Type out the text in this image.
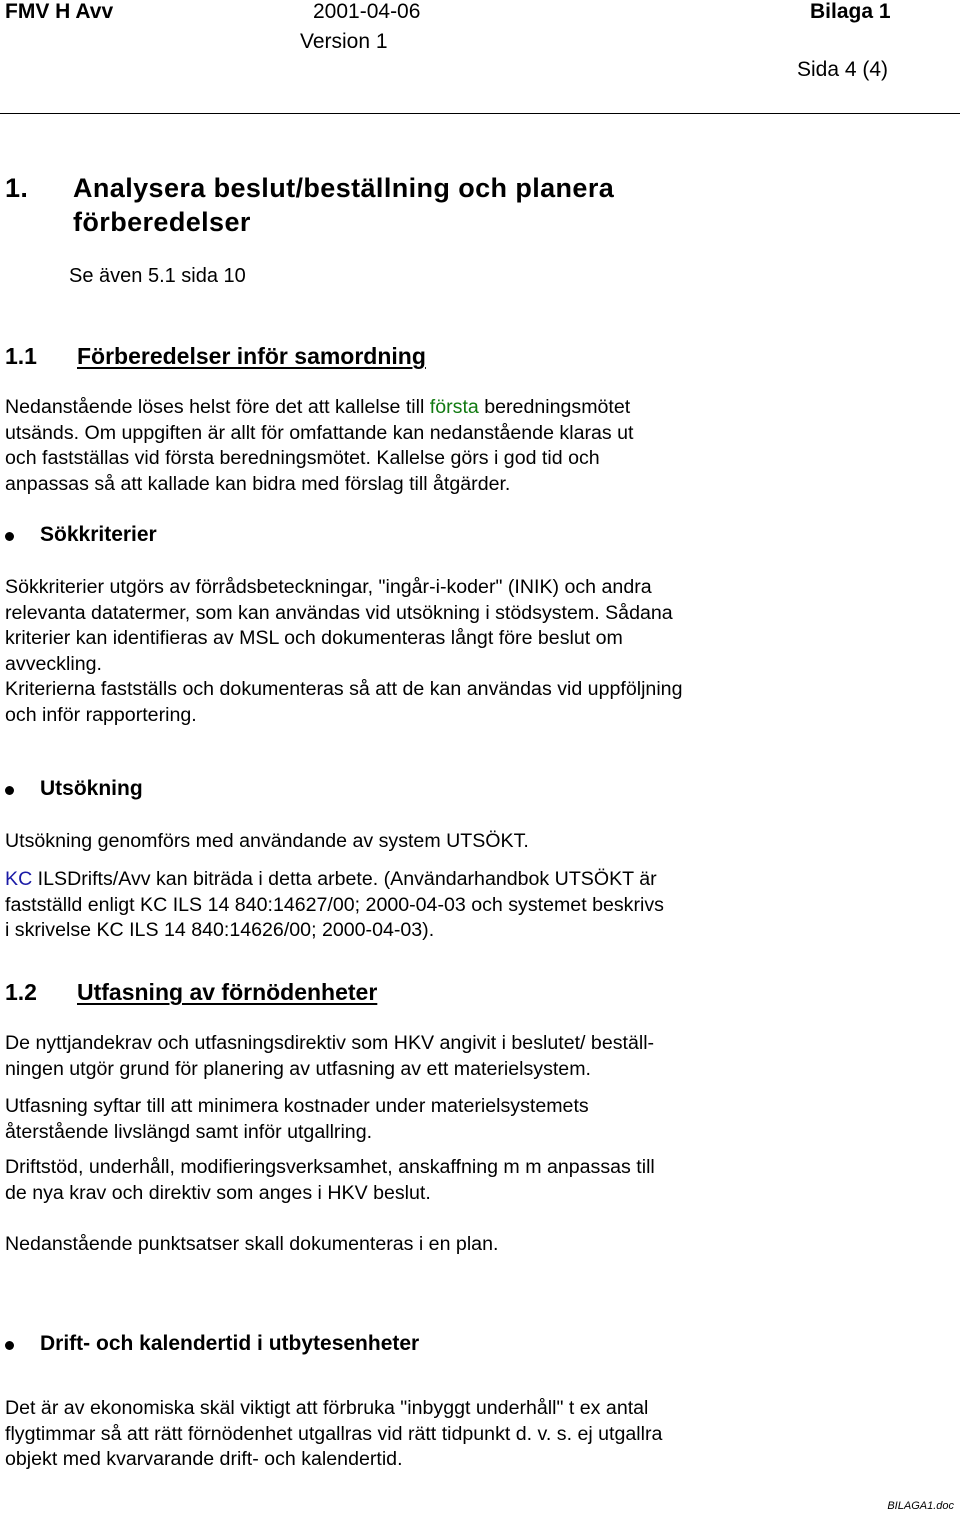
FMV H Avv	2001-04-06	Bilaga 1
Version 1
Sida 4 (4)
1. Analysera beslut/beställning och planera
förberedelser
Se även 5.1 sida 10
1.1 Förberedelser inför samordning
Nedanstående löses helst före det att kallelse till första beredningsmötet
utsänds. Om uppgiften är allt för omfattande kan nedanstående klaras ut
och fastställas vid första beredningsmötet. Kallelse görs i god tid och
anpassas så att kallade kan bidra med förslag till åtgärder.
Sökkriterier
Sökkriterier utgörs av förrådsbeteckningar, "ingår-i-koder" (INIK) och andra
relevanta datatermer, som kan användas vid utsökning i stödsystem. Sådana
kriterier kan identifieras av MSL och dokumenteras långt före beslut om
avveckling.
Kriterierna fastställs och dokumenteras så att de kan användas vid uppföljning
och inför rapportering.
Utsökning
Utsökning genomförs med användande av system UTSÖKT.
KC ILSDrifts/Avv kan biträda i detta arbete. (Användarhandbok UTSÖKT är
fastställd enligt KC ILS 14 840:14627/00; 2000-04-03 och systemet beskrivs
i skrivelse KC ILS 14 840:14626/00; 2000-04-03).
1.2 Utfasning av förnödenheter
De nyttjandekrav och utfasningsdirektiv som HKV angivit i beslutet/ beställ-
ningen utgör grund för planering av utfasning av ett materielsystem.
Utfasning syftar till att minimera kostnader under materielsystemets
återstående livslängd samt inför utgallring.
Driftstöd, underhåll, modifieringsverksamhet, anskaffning m m anpassas till
de nya krav och direktiv som anges i HKV beslut.
Nedanstående punktsatser skall dokumenteras i en plan.
Drift- och kalendertid i utbytesenheter
Det är av ekonomiska skäl viktigt att förbruka "inbyggt underhåll" t ex antal
flygtimmar så att rätt förnödenhet utgallras vid rätt tidpunkt d. v. s. ej utgallra
objekt med kvarvarande drift- och kalendertid.
BILAGA1.doc
